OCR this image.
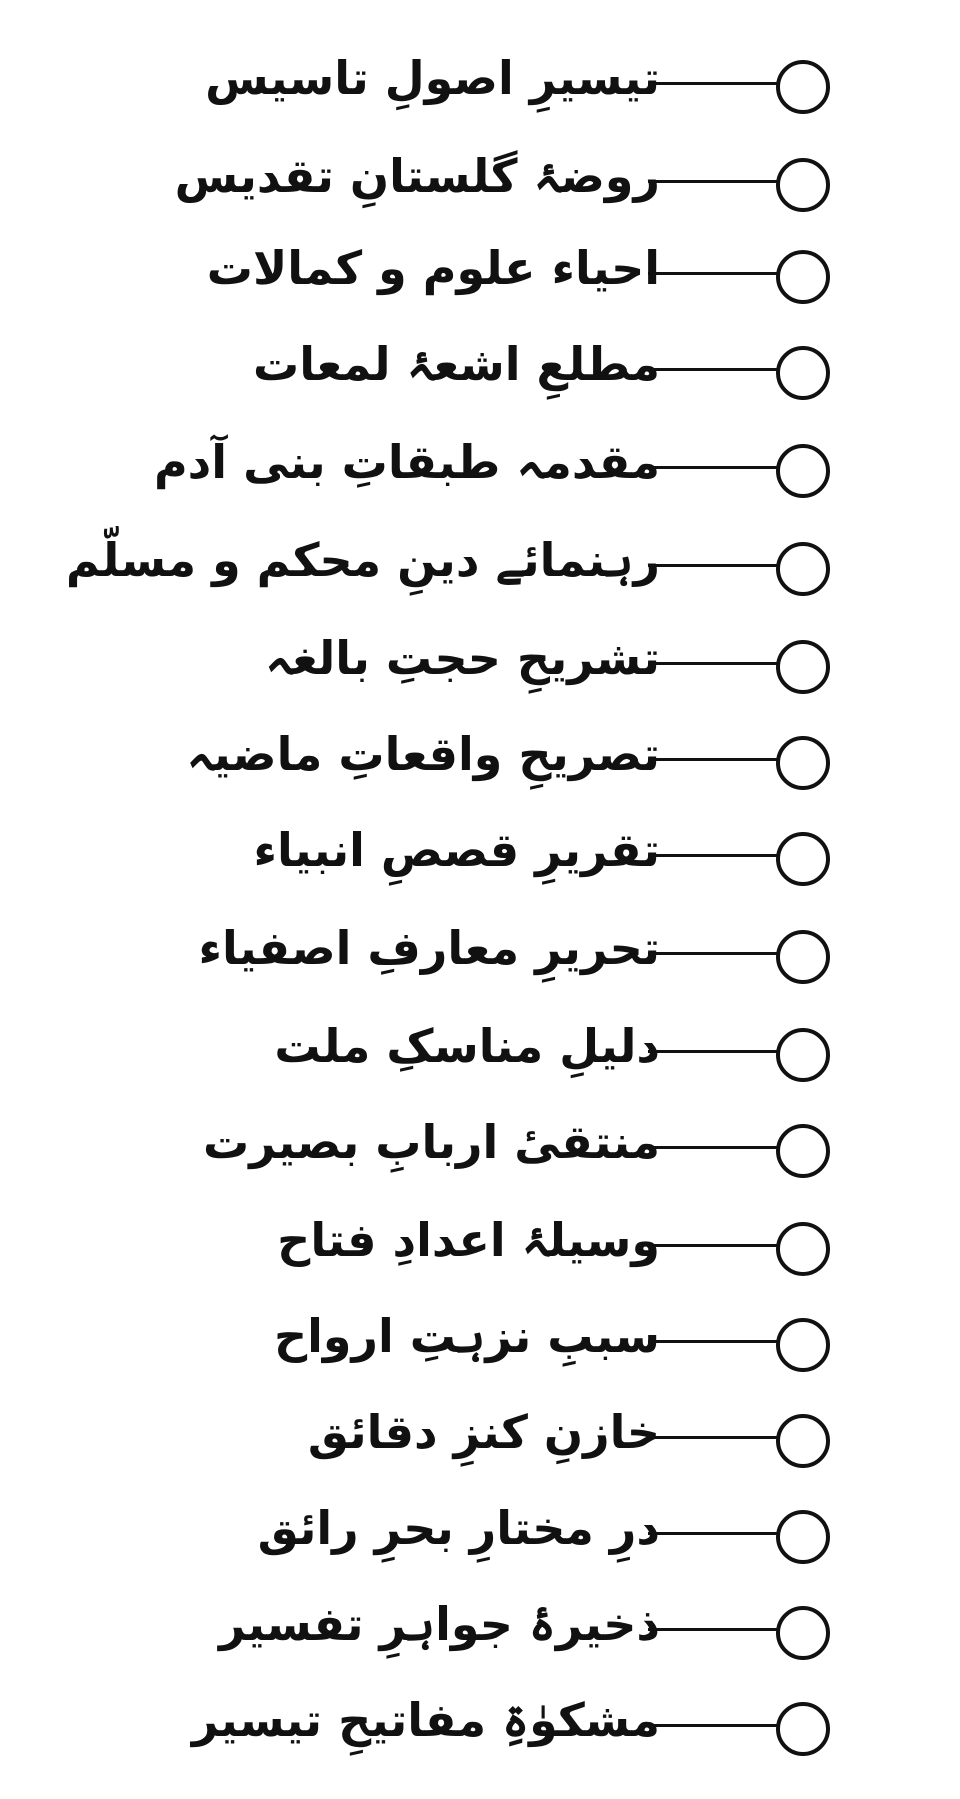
تیسیرِ اصولِ تاسیس
روضۂ گلستانِ تقدیس
احیاء علوم و کمالات
مطلعِ اشعۂ لمعات
مقدمہ طبقاتِ بنی آدم
رہنمائے دینِ محکم و مسلّم
تشریحِ حجتِ بالغہ
تصریحِ واقعاتِ ماضیہ
تقریرِ قصصِ انبیاء
تحریرِ معارفِ اصفیاء
دلیلِ مناسکِ ملت
منتقیٔ اربابِ بصیرت
وسیلۂ اعدادِ فتاح
سببِ نزہتِ ارواح
خازنِ کنزِ دقائق
درِ مختارِ بحرِ رائق
ذخیرۂ جواہرِ تفسیر
مشکوٰۃِ مفاتیحِ تیسیر
